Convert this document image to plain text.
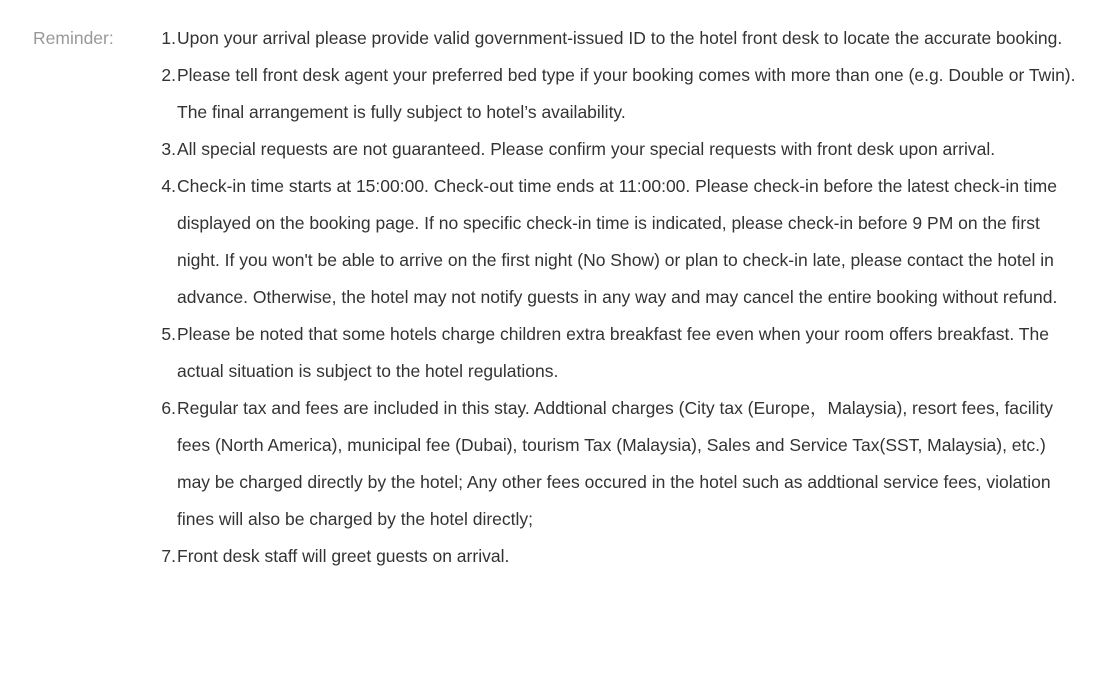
Reminder:	1. Upon your arrival please provide valid government-issued ID to the hotel front desk to locate the accurate booking.
2. Please tell front desk agent your preferred bed type if your booking comes with more than one (e.g. Double or Twin). The final arrangement is fully subject to hotel’s availability.
3. All special requests are not guaranteed. Please confirm your special requests with front desk upon arrival.
4. Check-in time starts at 15:00:00. Check-out time ends at 11:00:00. Please check-in before the latest check-in time displayed on the booking page. If no specific check-in time is indicated, please check-in before 9 PM on the first night. If you won't be able to arrive on the first night (No Show) or plan to check-in late, please contact the hotel in advance. Otherwise, the hotel may not notify guests in any way and may cancel the entire booking without refund.
5. Please be noted that some hotels charge children extra breakfast fee even when your room offers breakfast. The actual situation is subject to the hotel regulations.
6. Regular tax and fees are included in this stay. Addtional charges (City tax (Europe，Malaysia), resort fees, facility fees (North America), municipal fee (Dubai), tourism Tax (Malaysia), Sales and Service Tax(SST, Malaysia), etc.) may be charged directly by the hotel; Any other fees occured in the hotel such as addtional service fees, violation fines will also be charged by the hotel directly;
7. Front desk staff will greet guests on arrival.
